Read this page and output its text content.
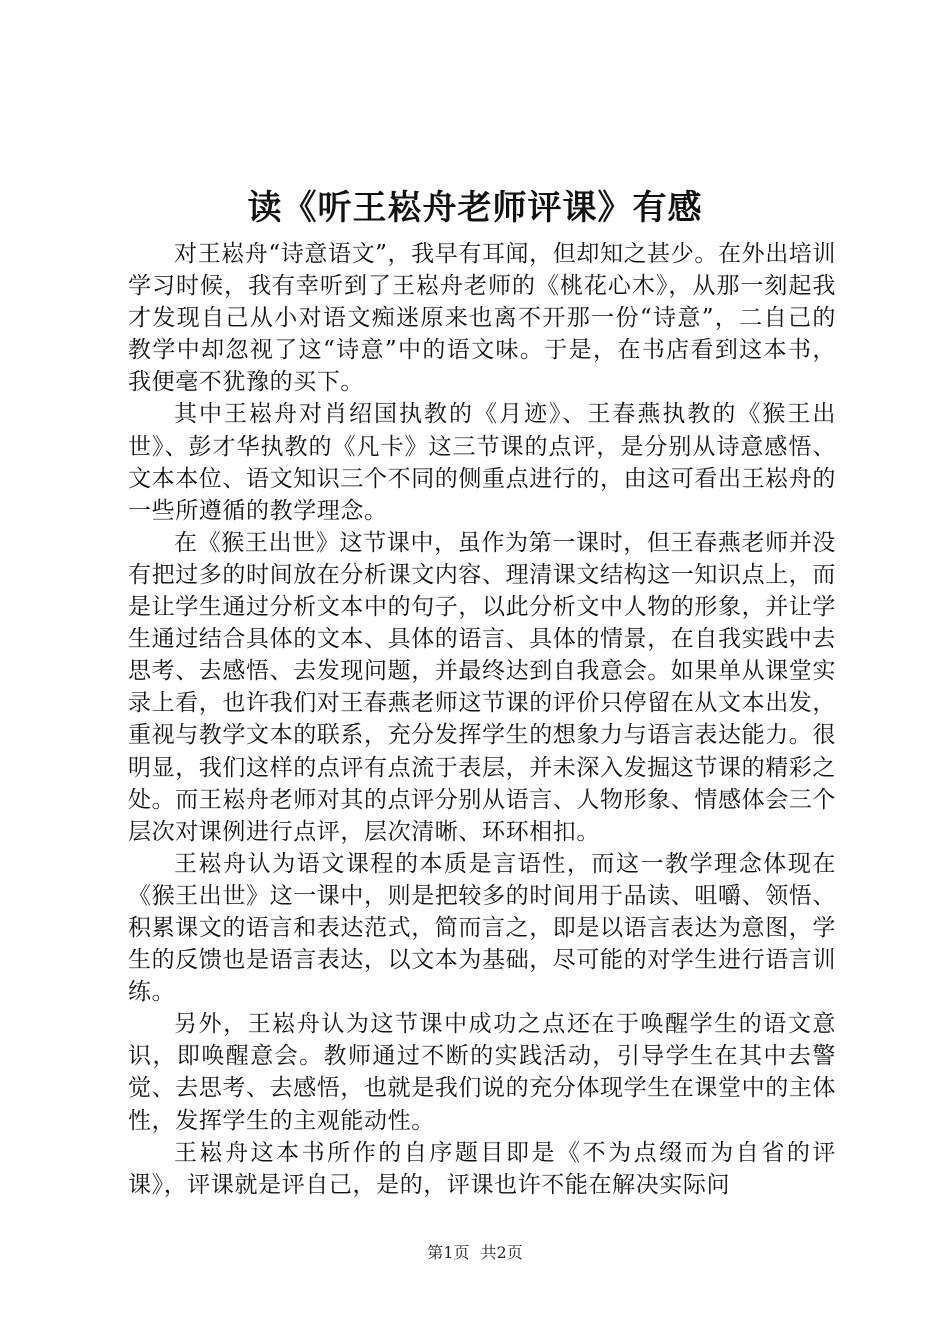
读《听王崧舟老师评课》有感

对王崧舟“诗意语文”，我早有耳闻，但却知之甚少。在外出培训学习时候，我有幸听到了王崧舟老师的《桃花心木》，从那一刻起我才发现自己从小对语文痴迷原来也离不开那一份“诗意”，二自己的教学中却忽视了这“诗意”中的语文味。于是，在书店看到这本书，我便毫不犹豫的买下。

其中王崧舟对肖绍国执教的《月迹》、王春燕执教的《猴王出世》、彭才华执教的《凡卡》这三节课的点评，是分别从诗意感悟、文本本位、语文知识三个不同的侧重点进行的，由这可看出王崧舟的一些所遵循的教学理念。

在《猴王出世》这节课中，虽作为第一课时，但王春燕老师并没有把过多的时间放在分析课文内容、理清课文结构这一知识点上，而是让学生通过分析文本中的句子，以此分析文中人物的形象，并让学生通过结合具体的文本、具体的语言、具体的情景，在自我实践中去思考、去感悟、去发现问题，并最终达到自我意会。如果单从课堂实录上看，也许我们对王春燕老师这节课的评价只停留在从文本出发，重视与教学文本的联系，充分发挥学生的想象力与语言表达能力。很明显，我们这样的点评有点流于表层，并未深入发掘这节课的精彩之处。而王崧舟老师对其的点评分别从语言、人物形象、情感体会三个层次对课例进行点评，层次清晰、环环相扣。

王崧舟认为语文课程的本质是言语性，而这一教学理念体现在《猴王出世》这一课中，则是把较多的时间用于品读、咀嚼、领悟、积累课文的语言和表达范式，简而言之，即是以语言表达为意图，学生的反馈也是语言表达，以文本为基础，尽可能的对学生进行语言训练。

另外，王崧舟认为这节课中成功之点还在于唤醒学生的语文意识，即唤醒意会。教师通过不断的实践活动，引导学生在其中去警觉、去思考、去感悟，也就是我们说的充分体现学生在课堂中的主体性，发挥学生的主观能动性。

王崧舟这本书所作的自序题目即是《不为点缀而为自省的评课》，评课就是评自己，是的，评课也许不能在解决实际问

第1页 共2页
